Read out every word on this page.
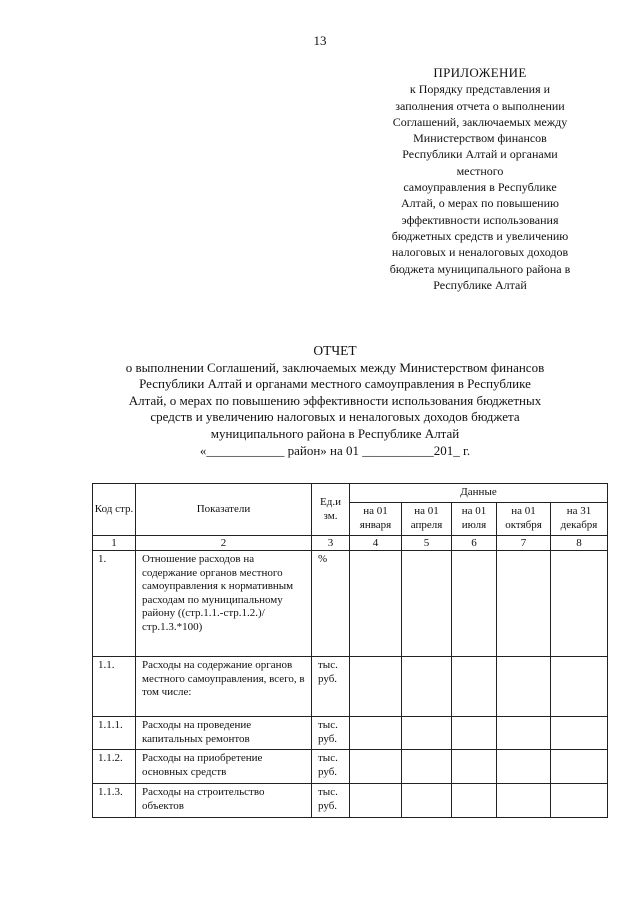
13
ПРИЛОЖЕНИЕ
к Порядку представления и
заполнения отчета о выполнении
Соглашений, заключаемых между
Министерством финансов
Республики Алтай и органами
местного
самоуправления в Республике
Алтай, о мерах по повышению
эффективности использования
бюджетных средств и увеличению
налоговых и неналоговых доходов
бюджета муниципального района в
Республике Алтай
ОТЧЕТ
о выполнении Соглашений, заключаемых между Министерством финансов
Республики Алтай и органами местного самоуправления в Республике
Алтай, о мерах по повышению эффективности использования бюджетных
средств и увеличению налоговых и неналоговых доходов бюджета
муниципального района в Республике Алтай
«____________ район» на 01 ___________201_ г.
Код стр.	Показатели	Ед.и зм.	Данные				
			на 01 января	на 01 апреля	на 01 июля	на 01 октября	на 31 декабря
1	2	3	4	5	6	7	8
1.	Отношение расходов на содержание органов местного самоуправления к нормативным расходам по муниципальному району ((стр.1.1.-стр.1.2.)/стр.1.3.*100)	%					
1.1.	Расходы на содержание органов местного самоуправления, всего, в том числе:	тыс. руб.					
1.1.1.	Расходы на проведение капитальных ремонтов	тыс. руб.					
1.1.2.	Расходы на приобретение основных средств	тыс. руб.					
1.1.3.	Расходы на строительство объектов	тыс. руб.					
